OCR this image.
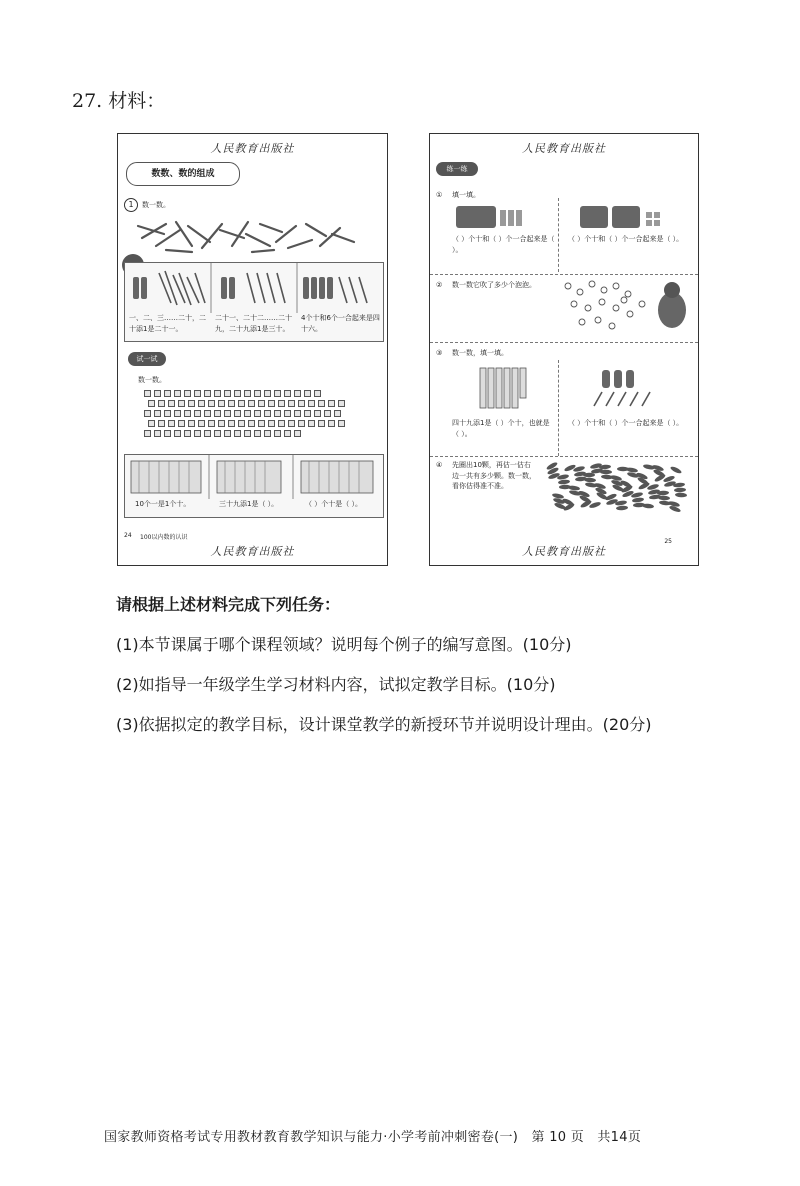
27. 材料：
人民教育出版社
数数、数的组成
1	数一数。
一、二、三……二十，二十添1是二十一。
二十一、二十二……二十九，二十九添1是三十。
4个十和6个一合起来是四十六。
试一试
数一数。
10个一是1个十。	三十九添1是（ ）。	（ ）个十是（ ）。
24 100以内数的认识
人民教育出版社
人民教育出版社
练一练
① 填一填。
（ ）个十和（ ）个一合起来是（ ）。
（ ）个十和（ ）个一合起来是（ ）。
② 数一数它吹了多少个泡泡。
③ 数一数，填一填。
四十九添1是（ ）个十，也就是（ ）。
（ ）个十和（ ）个一合起来是（ ）。
④ 先圈出10颗，再估一估右边一共有多少颗。数一数，看你估得准不准。
25
人民教育出版社
请根据上述材料完成下列任务：
(1)本节课属于哪个课程领域？说明每个例子的编写意图。(10分)
(2)如指导一年级学生学习材料内容，试拟定教学目标。(10分)
(3)依据拟定的教学目标，设计课堂教学的新授环节并说明设计理由。(20分)
国家教师资格考试专用教材教育教学知识与能力·小学考前冲刺密卷(一)　第 10 页　共14页
